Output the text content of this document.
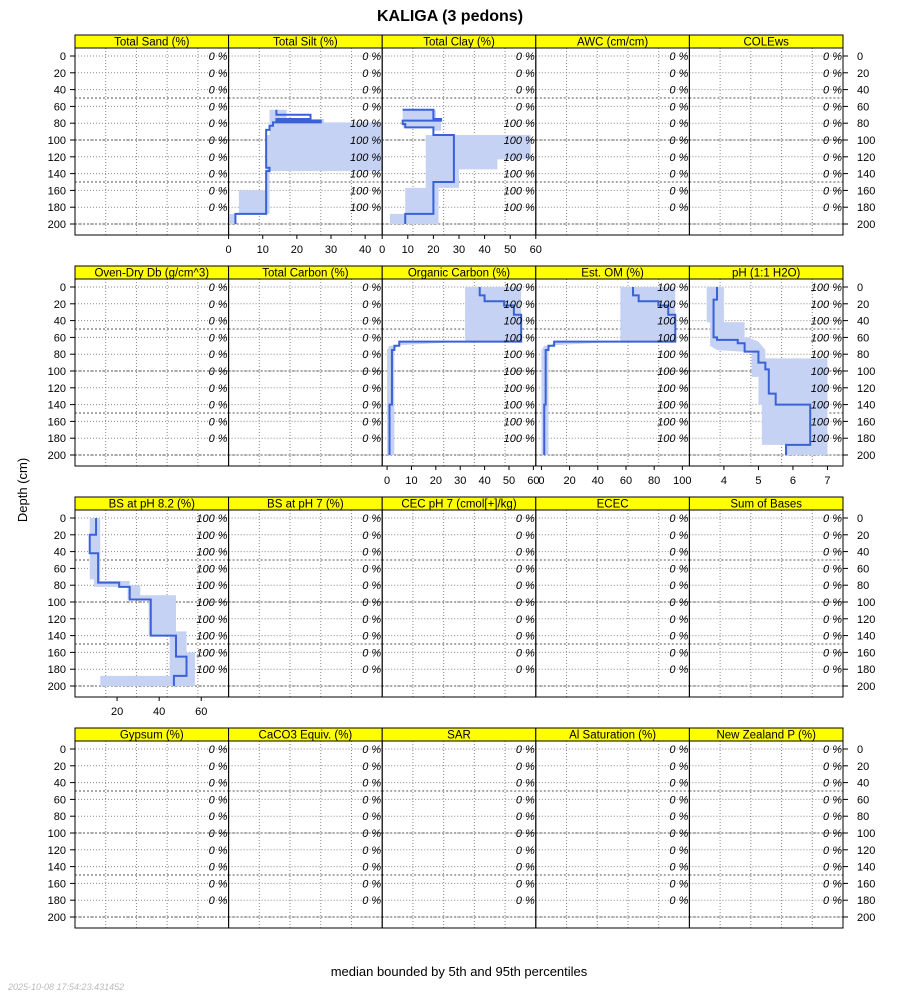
KALIGA (3 pedons)
Depth (cm)
median bounded by 5th and 95th percentiles
2025-10-08 17:54:23.431452
Total Sand (%)
0 %
0 %
0 %
0 %
0 %
0 %
0 %
0 %
0 %
0 %
Total Silt (%)
0 %
0 %
0 %
0 %
100 %
100 %
100 %
100 %
100 %
100 %
0 10 20 30 40
Total Clay (%)
0 %
0 %
0 %
0 %
100 %
100 %
100 %
100 %
100 %
100 %
0 10 20 30 40 50 60
AWC (cm/cm)
0 %
0 %
0 %
0 %
0 %
0 %
0 %
0 %
0 %
0 %
COLEws
0 %
0 %
0 %
0 %
0 %
0 %
0 %
0 %
0 %
0 %
0
20
40
60
80
100
120
140
160
180
200
0
20
40
60
80
100
120
140
160
180
200
Oven-Dry Db (g/cm^3)
0 %
0 %
0 %
0 %
0 %
0 %
0 %
0 %
0 %
0 %
Total Carbon (%)
0 %
0 %
0 %
0 %
0 %
0 %
0 %
0 %
0 %
0 %
Organic Carbon (%)
100 %
100 %
100 %
100 %
100 %
100 %
100 %
100 %
100 %
100 %
0 10 20 30 40 50 60
Est. OM (%)
100 %
100 %
100 %
100 %
100 %
100 %
100 %
100 %
100 %
100 %
0 20 40 60 80 100
pH (1:1 H2O)
100 %
100 %
100 %
100 %
100 %
100 %
100 %
100 %
100 %
100 %
4	5	6	7
0
20
40
60
80
100
120
140
160
180
200
0
20
40
60
80
100
120
140
160
180
200
BS at pH 8.2 (%)
100 %
100 %
100 %
100 %
100 %
100 %
100 %
100 %
100 %
100 %
20	40	60
BS at pH 7 (%)
0 %
0 %
0 %
0 %
0 %
0 %
0 %
0 %
0 %
0 %
CEC pH 7 (cmol[+]/kg)
0 %
0 %
0 %
0 %
0 %
0 %
0 %
0 %
0 %
0 %
ECEC
0 %
0 %
0 %
0 %
0 %
0 %
0 %
0 %
0 %
0 %
Sum of Bases
0 %
0 %
0 %
0 %
0 %
0 %
0 %
0 %
0 %
0 %
0
20
40
60
80
100
120
140
160
180
200
0
20
40
60
80
100
120
140
160
180
200
Gypsum (%)
0 %
0 %
0 %
0 %
0 %
0 %
0 %
0 %
0 %
0 %
CaCO3 Equiv. (%)
0 %
0 %
0 %
0 %
0 %
0 %
0 %
0 %
0 %
0 %
SAR
0 %
0 %
0 %
0 %
0 %
0 %
0 %
0 %
0 %
0 %
Al Saturation (%)
0 %
0 %
0 %
0 %
0 %
0 %
0 %
0 %
0 %
0 %
New Zealand P (%)
0 %
0 %
0 %
0 %
0 %
0 %
0 %
0 %
0 %
0 %
0
20
40
60
80
100
120
140
160
180
200
0
20
40
60
80
100
120
140
160
180
200
